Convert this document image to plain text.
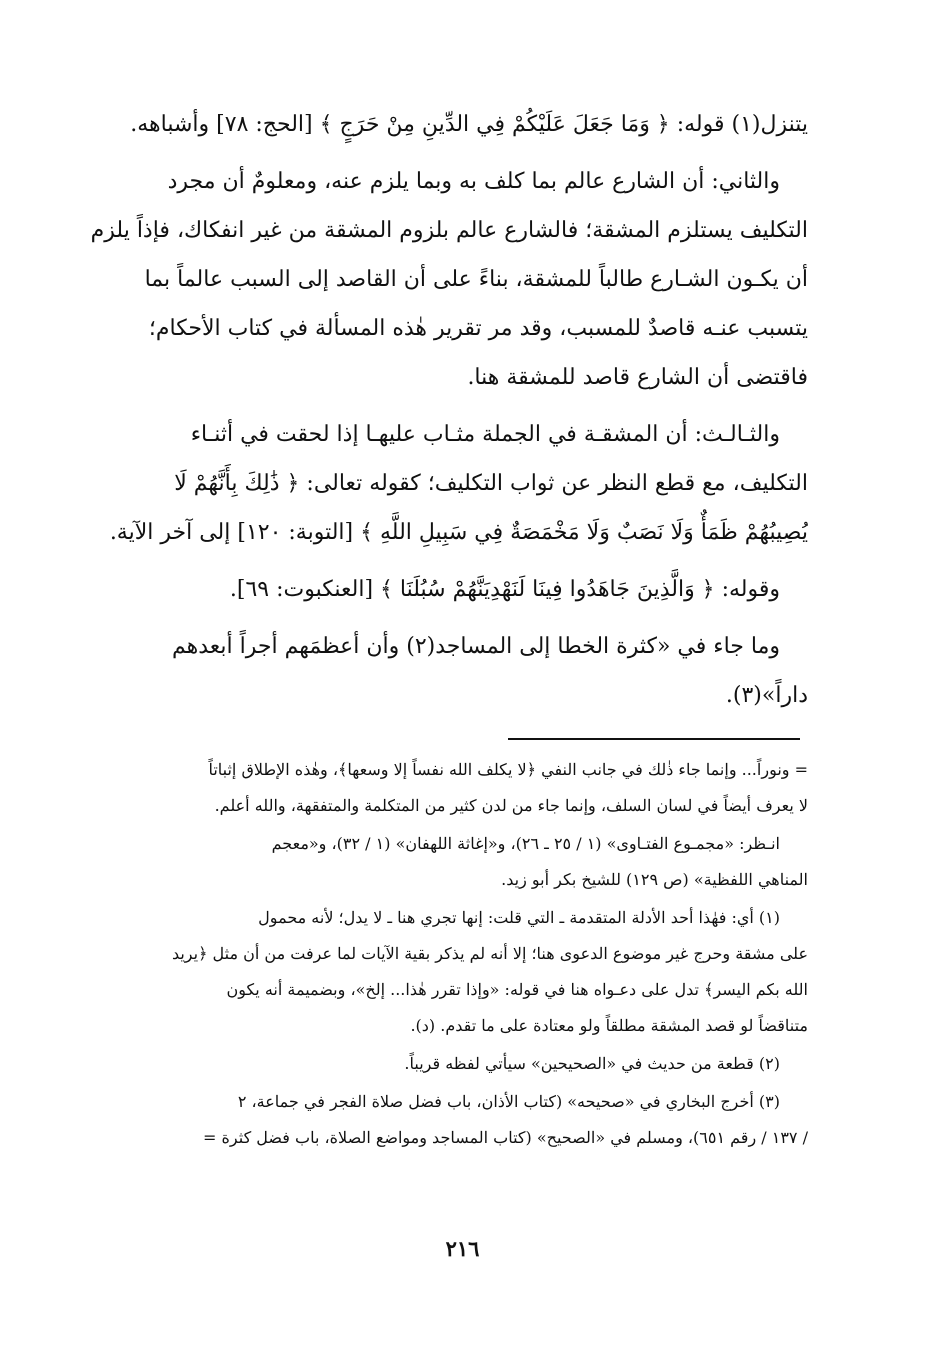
يتنزل(١) قوله: ﴿ وَمَا جَعَلَ عَلَيْكُمْ فِي الدِّينِ مِنْ حَرَجٍ ﴾ [الحج: ٧٨] وأشباهه.

والثاني: أن الشارع عالم بما كلف به وبما يلزم عنه، ومعلومٌ أن مجرد
التكليف يستلزم المشقة؛ فالشارع عالم بلزوم المشقة من غير انفكاك، فإذاً يلزم
أن يكـون الشـارع طالباً للمشقة، بناءً على أن القاصد إلى السبب عالماً بما
يتسبب عنـه قاصدٌ للمسبب، وقد مر تقرير هٰذه المسألة في كتاب الأحكام؛
فاقتضى أن الشارع قاصد للمشقة هنا.

والثـالـث: أن المشقـة في الجملة مثـاب عليهـا إذا لحقت في أثنـاء
التكليف، مع قطع النظر عن ثواب التكليف؛ كقوله تعالى: ﴿ ذَٰلِكَ بِأَنَّهُمْ لَا
يُصِيبُهُمْ ظَمَأٌ وَلَا نَصَبٌ وَلَا مَخْمَصَةٌ فِي سَبِيلِ اللَّهِ ﴾ [التوبة: ١٢٠] إلى آخر الآية.

وقوله: ﴿ وَالَّذِينَ جَاهَدُوا فِينَا لَنَهْدِيَنَّهُمْ سُبُلَنَا ﴾ [العنكبوت: ٦٩].

وما جاء في «كثرة الخطا إلى المساجد(٢) وأن أعظمَهم أجراً أبعدهم
داراً»(٣).

= ونوراً... وإنما جاء ذٰلك في جانب النفي ﴿لا يكلف الله نفساً إلا وسعها﴾، وهٰذه الإطلاق إثباتاً
لا يعرف أيضاً في لسان السلف، وإنما جاء من لدن كثير من المتكلمة والمتفقهة، والله أعلم.

انـظر: «مجمـوع الفتـاوى» (١ / ٢٥ ـ ٢٦)، و«إغاثة اللهفان» (١ / ٣٢)، و«معجم
المناهي اللفظية» (ص ١٢٩) للشيخ بكر أبو زيد.

(١) أي: فهٰذا أحد الأدلة المتقدمة ـ التي قلت: إنها تجري هنا ـ لا يدل؛ لأنه محمول
على مشقة وحرج غير موضوع الدعوى هنا؛ إلا أنه لم يذكر بقية الآيات لما عرفت من أن مثل ﴿يريد
الله بكم اليسر﴾ تدل على دعـواه هنا في قوله: «وإذا تقرر هٰذا... إلخ»، وبضميمة أنه يكون
متناقضاً لو قصد المشقة مطلقاً ولو معتادة على ما تقدم. (د).

(٢) قطعة من حديث في «الصحيحين» سيأتي لفظه قريباً.

(٣) أخرج البخاري في «صحيحه» (كتاب الأذان، باب فضل صلاة الفجر في جماعة، ٢
/ ١٣٧ / رقم ٦٥١)، ومسلم في «الصحيح» (كتاب المساجد ومواضع الصلاة، باب فضل كثرة =

٢١٦
